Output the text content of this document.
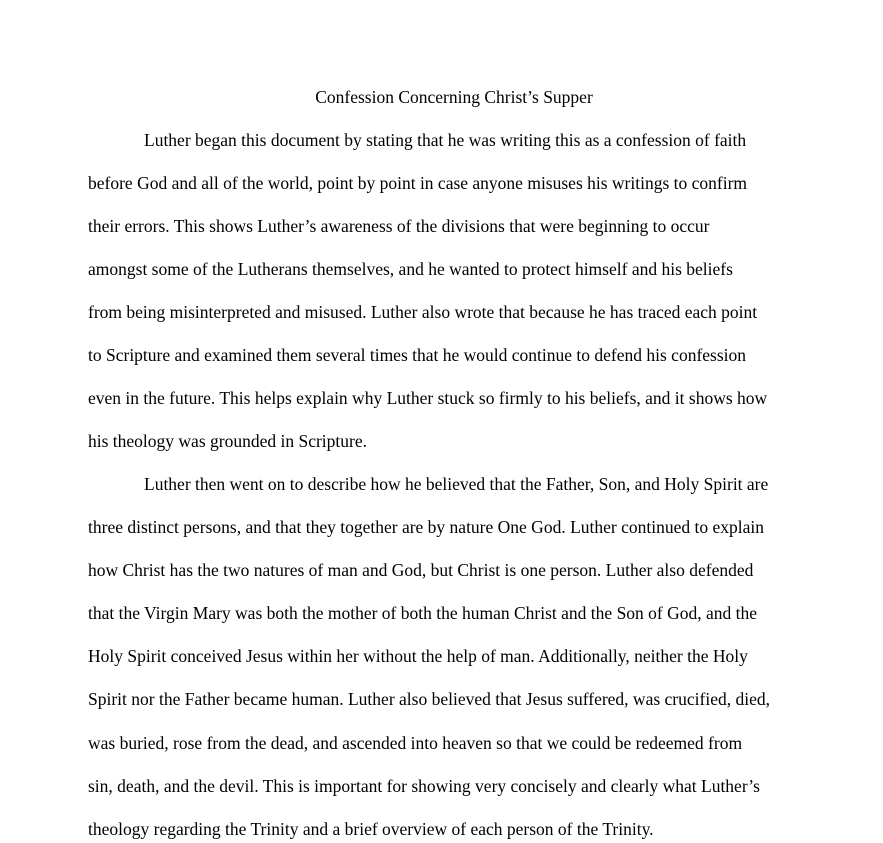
Confession Concerning Christ’s Supper

Luther began this document by stating that he was writing this as a confession of faith

before God and all of the world, point by point in case anyone misuses his writings to confirm

their errors. This shows Luther’s awareness of the divisions that were beginning to occur

amongst some of the Lutherans themselves, and he wanted to protect himself and his beliefs

from being misinterpreted and misused. Luther also wrote that because he has traced each point

to Scripture and examined them several times that he would continue to defend his confession

even in the future. This helps explain why Luther stuck so firmly to his beliefs, and it shows how

his theology was grounded in Scripture.

Luther then went on to describe how he believed that the Father, Son, and Holy Spirit are

three distinct persons, and that they together are by nature One God. Luther continued to explain

how Christ has the two natures of man and God, but Christ is one person. Luther also defended

that the Virgin Mary was both the mother of both the human Christ and the Son of God, and the

Holy Spirit conceived Jesus within her without the help of man. Additionally, neither the Holy

Spirit nor the Father became human. Luther also believed that Jesus suffered, was crucified, died,

was buried, rose from the dead, and ascended into heaven so that we could be redeemed from

sin, death, and the devil. This is important for showing very concisely and clearly what Luther’s

theology regarding the Trinity and a brief overview of each person of the Trinity.
